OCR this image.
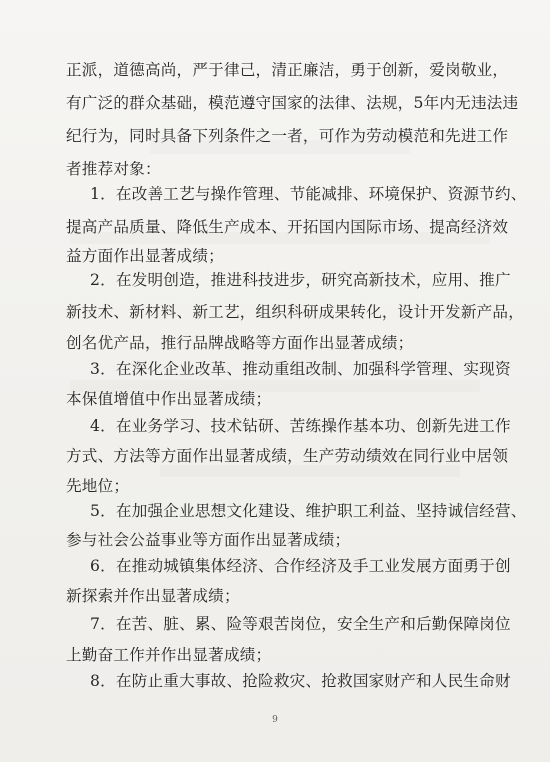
正派，道德高尚，严于律己，清正廉洁，勇于创新，爱岗敬业，
有广泛的群众基础，模范遵守国家的法律、法规，5年内无违法违
纪行为，同时具备下列条件之一者，可作为劳动模范和先进工作
者推荐对象：
1．在改善工艺与操作管理、节能减排、环境保护、资源节约、
提高产品质量、降低生产成本、开拓国内国际市场、提高经济效
益方面作出显著成绩；
2．在发明创造，推进科技进步，研究高新技术，应用、推广
新技术、新材料、新工艺，组织科研成果转化，设计开发新产品，
创名优产品，推行品牌战略等方面作出显著成绩；
3．在深化企业改革、推动重组改制、加强科学管理、实现资
本保值增值中作出显著成绩；
4．在业务学习、技术钻研、苦练操作基本功、创新先进工作
方式、方法等方面作出显著成绩，生产劳动绩效在同行业中居领
先地位；
5．在加强企业思想文化建设、维护职工利益、坚持诚信经营、
参与社会公益事业等方面作出显著成绩；
6．在推动城镇集体经济、合作经济及手工业发展方面勇于创
新探索并作出显著成绩；
7．在苦、脏、累、险等艰苦岗位，安全生产和后勤保障岗位
上勤奋工作并作出显著成绩；
8．在防止重大事故、抢险救灾、抢救国家财产和人民生命财
9
